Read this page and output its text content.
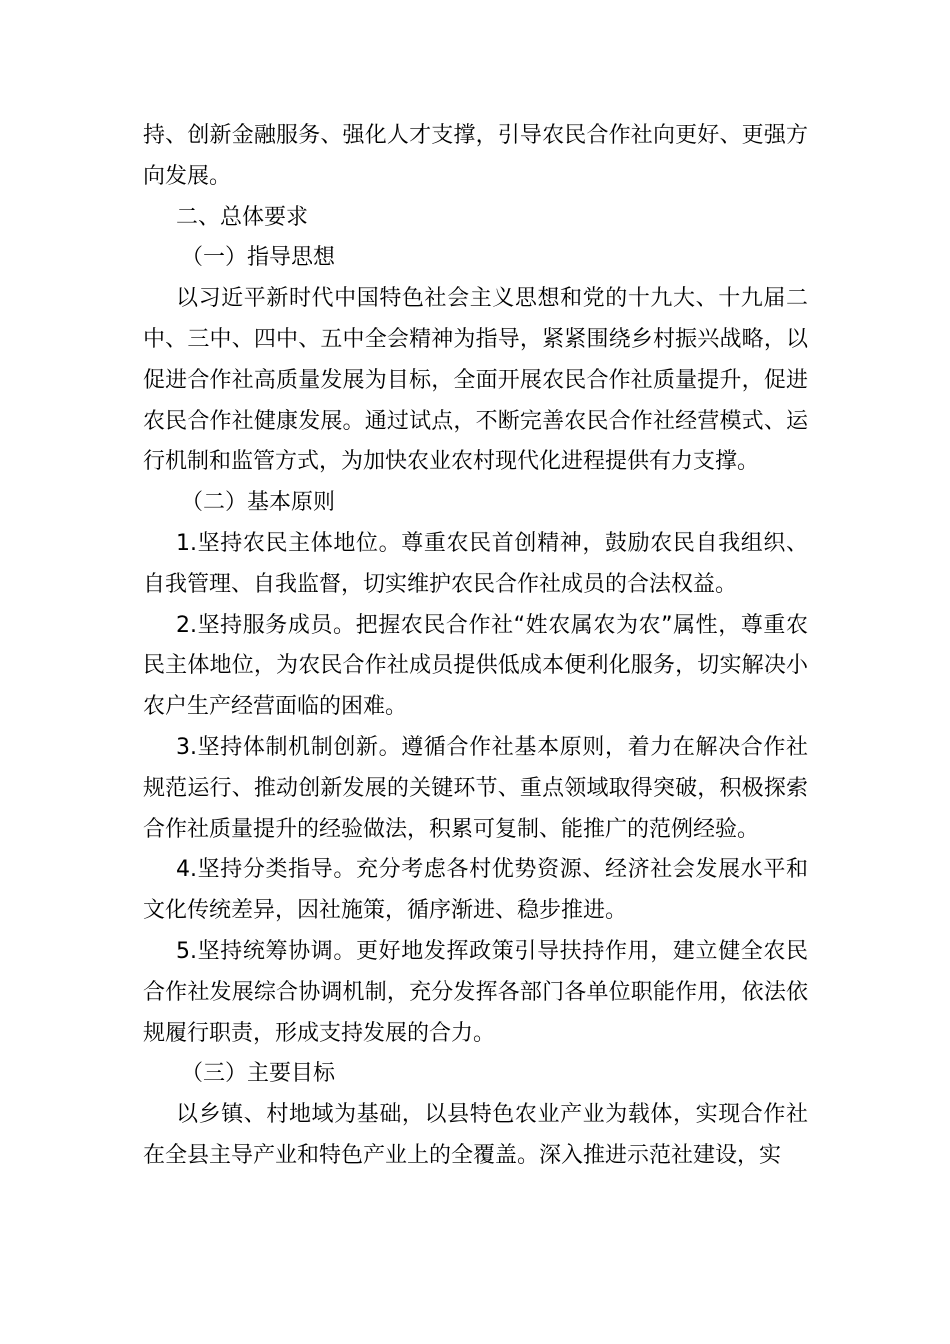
持、创新金融服务、强化人才支撑，引导农民合作社向更好、更强方向发展。

二、总体要求

（一）指导思想

以习近平新时代中国特色社会主义思想和党的十九大、十九届二中、三中、四中、五中全会精神为指导，紧紧围绕乡村振兴战略，以促进合作社高质量发展为目标，全面开展农民合作社质量提升，促进农民合作社健康发展。通过试点，不断完善农民合作社经营模式、运行机制和监管方式，为加快农业农村现代化进程提供有力支撑。

（二）基本原则

1.坚持农民主体地位。尊重农民首创精神，鼓励农民自我组织、自我管理、自我监督，切实维护农民合作社成员的合法权益。

2.坚持服务成员。把握农民合作社“姓农属农为农”属性，尊重农民主体地位，为农民合作社成员提供低成本便利化服务，切实解决小农户生产经营面临的困难。

3.坚持体制机制创新。遵循合作社基本原则，着力在解决合作社规范运行、推动创新发展的关键环节、重点领域取得突破，积极探索合作社质量提升的经验做法，积累可复制、能推广的范例经验。

4.坚持分类指导。充分考虑各村优势资源、经济社会发展水平和文化传统差异，因社施策，循序渐进、稳步推进。

5.坚持统筹协调。更好地发挥政策引导扶持作用，建立健全农民合作社发展综合协调机制，充分发挥各部门各单位职能作用，依法依规履行职责，形成支持发展的合力。

（三）主要目标

以乡镇、村地域为基础，以县特色农业产业为载体，实现合作社在全县主导产业和特色产业上的全覆盖。深入推进示范社建设，实
